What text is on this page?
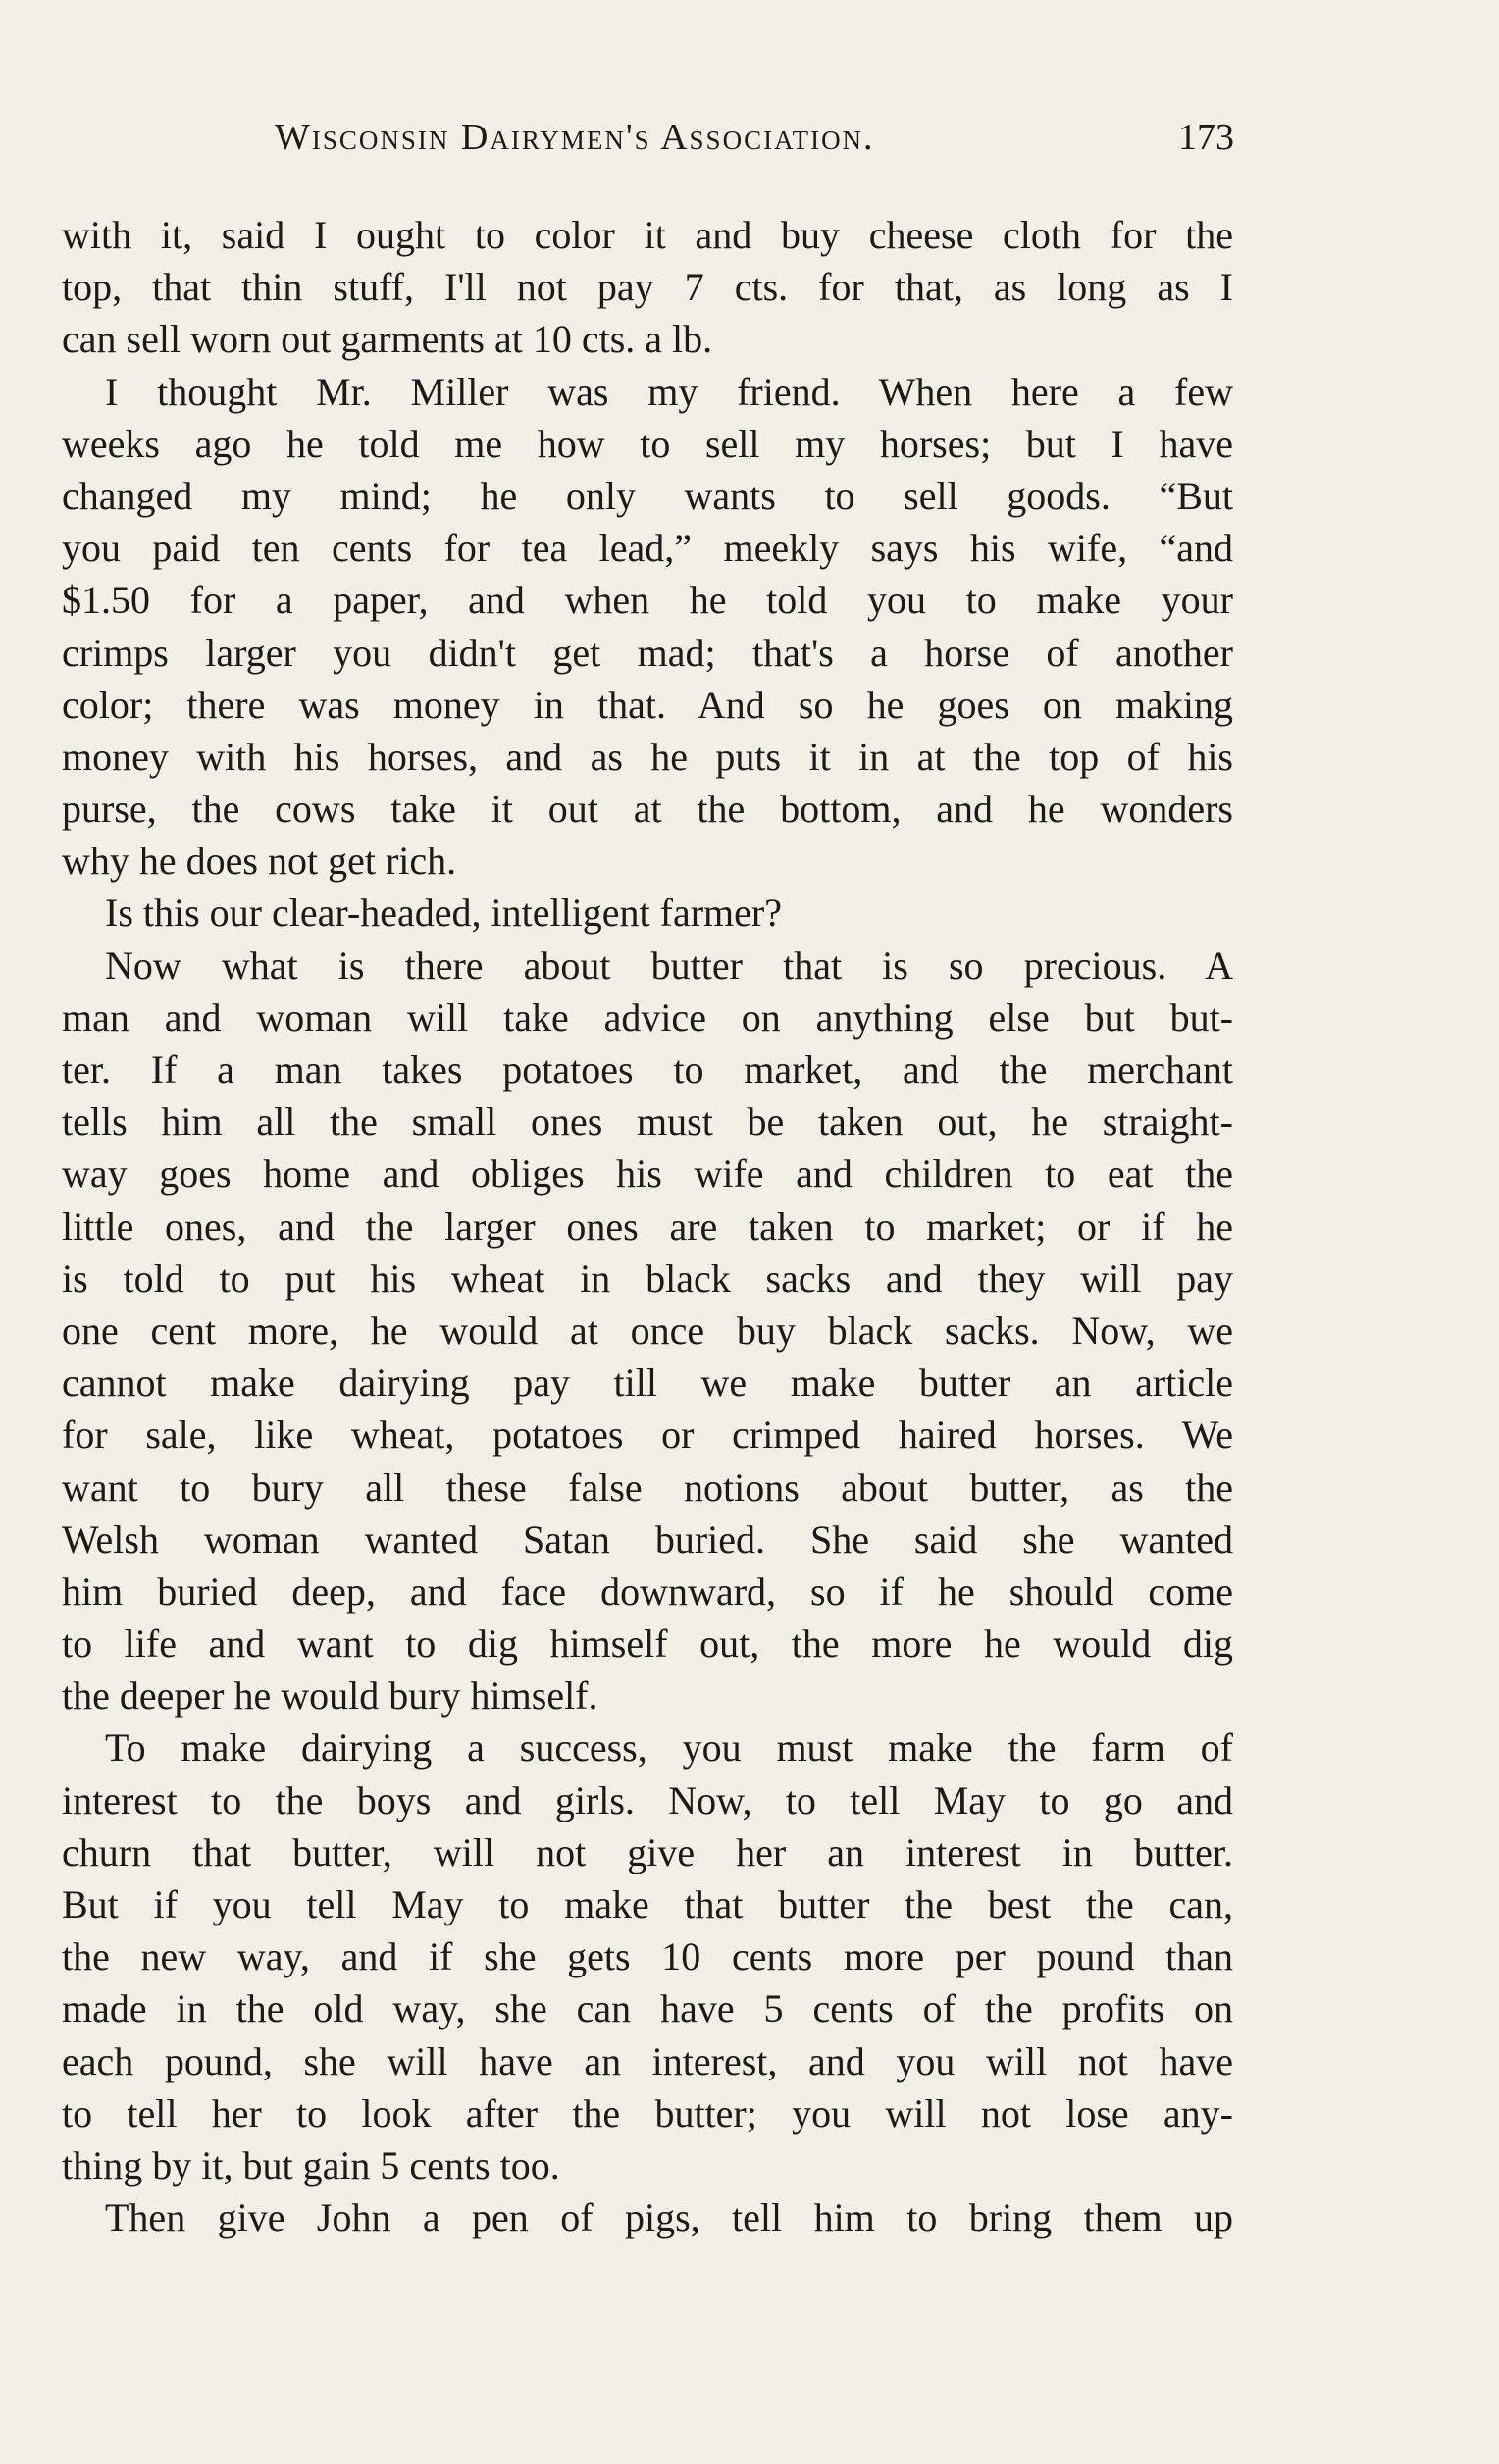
Wisconsin Dairymen's Association.	173
with it, said I ought to color it and buy cheese cloth for the
top, that thin stuff, I'll not pay 7 cts. for that, as long as I
can sell worn out garments at 10 cts. a lb.
I thought Mr. Miller was my friend. When here a few
weeks ago he told me how to sell my horses; but I have
changed my mind; he only wants to sell goods. “But
you paid ten cents for tea lead,” meekly says his wife, “and
$1.50 for a paper, and when he told you to make your
crimps larger you didn't get mad; that's a horse of another
color; there was money in that. And so he goes on making
money with his horses, and as he puts it in at the top of his
purse, the cows take it out at the bottom, and he wonders
why he does not get rich.
Is this our clear-headed, intelligent farmer?
Now what is there about butter that is so precious. A
man and woman will take advice on anything else but but-
ter. If a man takes potatoes to market, and the merchant
tells him all the small ones must be taken out, he straight-
way goes home and obliges his wife and children to eat the
little ones, and the larger ones are taken to market; or if he
is told to put his wheat in black sacks and they will pay
one cent more, he would at once buy black sacks. Now, we
cannot make dairying pay till we make butter an article
for sale, like wheat, potatoes or crimped haired horses. We
want to bury all these false notions about butter, as the
Welsh woman wanted Satan buried. She said she wanted
him buried deep, and face downward, so if he should come
to life and want to dig himself out, the more he would dig
the deeper he would bury himself.
To make dairying a success, you must make the farm of
interest to the boys and girls. Now, to tell May to go and
churn that butter, will not give her an interest in butter.
But if you tell May to make that butter the best the can,
the new way, and if she gets 10 cents more per pound than
made in the old way, she can have 5 cents of the profits on
each pound, she will have an interest, and you will not have
to tell her to look after the butter; you will not lose any-
thing by it, but gain 5 cents too.
Then give John a pen of pigs, tell him to bring them up
